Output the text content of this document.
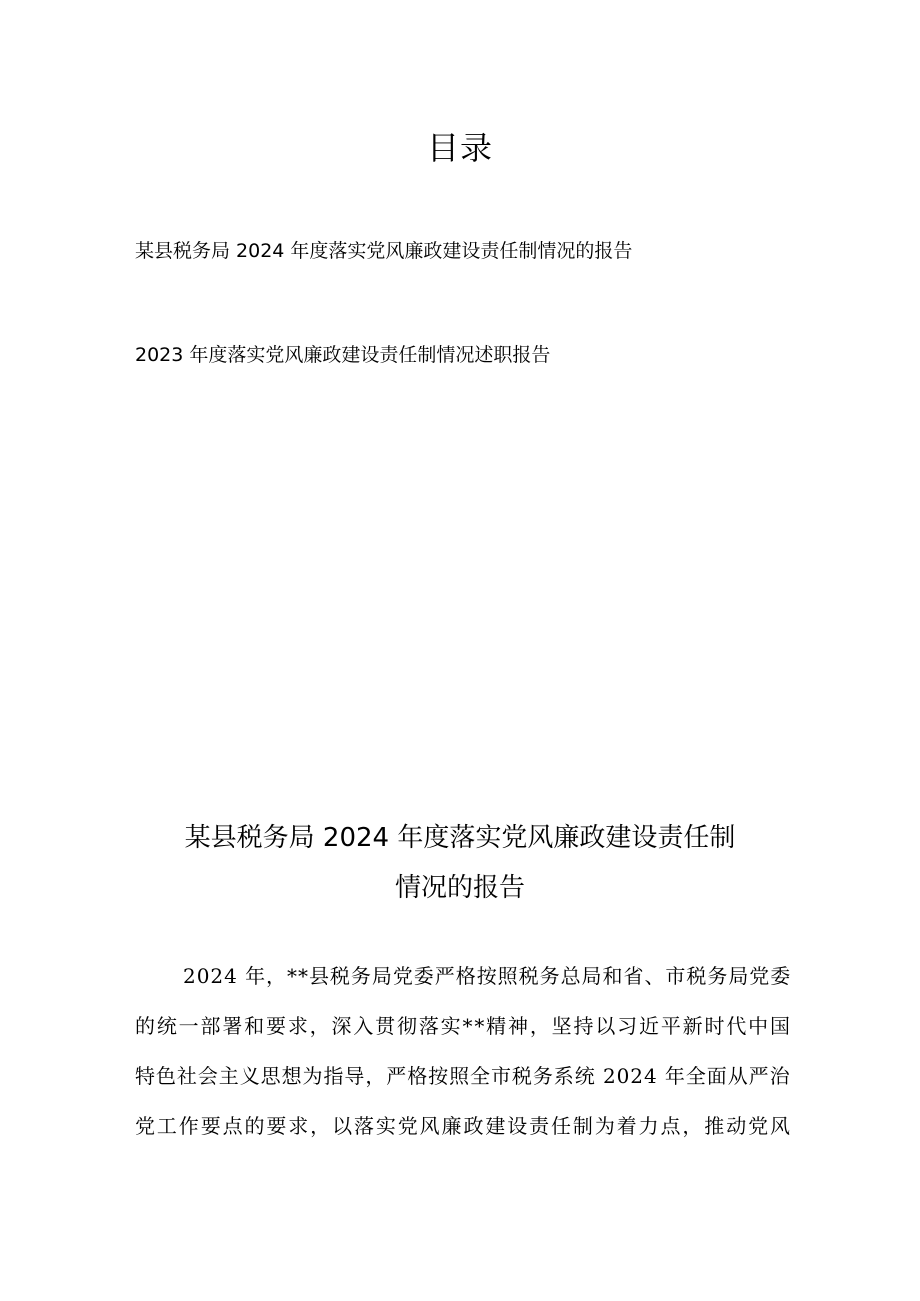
目录
某县税务局 2024 年度落实党风廉政建设责任制情况的报告
2023 年度落实党风廉政建设责任制情况述职报告
某县税务局 2024 年度落实党风廉政建设责任制
情况的报告
2024 年，**县税务局党委严格按照税务总局和省、市税务局党委
的统一部署和要求，深入贯彻落实**精神，坚持以习近平新时代中国
特色社会主义思想为指导，严格按照全市税务系统 2024 年全面从严治
党工作要点的要求，以落实党风廉政建设责任制为着力点，推动党风
